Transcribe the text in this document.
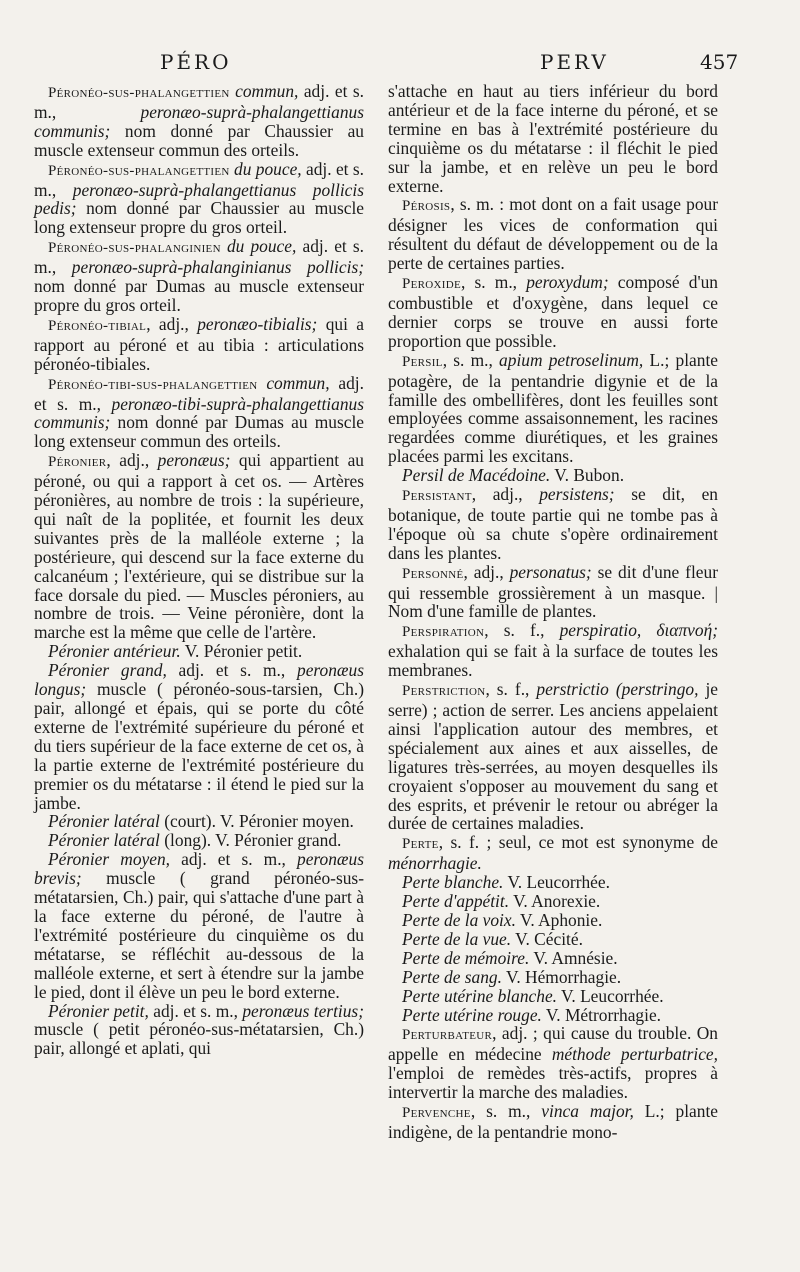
PÉRO	PERV	457

Péronéo-sus-phalangettien commun, adj. et s. m., peronæo-suprà-phalangettianus communis; nom donné par Chaussier au muscle extenseur commun des orteils.

Péronéo-sus-phalangettien du pouce, adj. et s. m., peronæo-suprà-phalangettianus pollicis pedis; nom donné par Chaussier au muscle long extenseur propre du gros orteil.

Péronéo-sus-phalanginien du pouce, adj. et s. m., peronæo-suprà-phalanginianus pollicis; nom donné par Dumas au muscle extenseur propre du gros orteil.

Péronéo-tibial, adj., peronæo-tibialis; qui a rapport au péroné et au tibia : articulations péronéo-tibiales.

Péronéo-tibi-sus-phalangettien commun, adj. et s. m., peronæo-tibi-suprà-phalangettianus communis; nom donné par Dumas au muscle long extenseur commun des orteils.

Péronier, adj., peronæus; qui appartient au péroné, ou qui a rapport à cet os. — Artères péronières, au nombre de trois : la supérieure, qui naît de la poplitée, et fournit les deux suivantes près de la malléole externe ; la postérieure, qui descend sur la face externe du calcanéum ; l'extérieure, qui se distribue sur la face dorsale du pied. — Muscles péroniers, au nombre de trois. — Veine péronière, dont la marche est la même que celle de l'artère.

Péronier antérieur. V. Péronier petit.

Péronier grand, adj. et s. m., peronæus longus; muscle ( péronéo-sous-tarsien, Ch.) pair, allongé et épais, qui se porte du côté externe de l'extrémité supérieure du péroné et du tiers supérieur de la face externe de cet os, à la partie externe de l'extrémité postérieure du premier os du métatarse : il étend le pied sur la jambe.

Péronier latéral (court). V. Péronier moyen.

Péronier latéral (long). V. Péronier grand.

Péronier moyen, adj. et s. m., peronæus brevis; muscle ( grand péronéo-sus-métatarsien, Ch.) pair, qui s'attache d'une part à la face externe du péroné, de l'autre à l'extrémité postérieure du cinquième os du métatarse, se réfléchit au-dessous de la malléole externe, et sert à étendre sur la jambe le pied, dont il élève un peu le bord externe.

Péronier petit, adj. et s. m., peronæus tertius; muscle ( petit péronéo-sus-métatarsien, Ch.) pair, allongé et aplati, qui

s'attache en haut au tiers inférieur du bord antérieur et de la face interne du péroné, et se termine en bas à l'extrémité postérieure du cinquième os du métatarse : il fléchit le pied sur la jambe, et en relève un peu le bord externe.

Pérosis, s. m. : mot dont on a fait usage pour désigner les vices de conformation qui résultent du défaut de développement ou de la perte de certaines parties.

Peroxide, s. m., peroxydum; composé d'un combustible et d'oxygène, dans lequel ce dernier corps se trouve en aussi forte proportion que possible.

Persil, s. m., apium petroselinum, L.; plante potagère, de la pentandrie digynie et de la famille des ombellifères, dont les feuilles sont employées comme assaisonnement, les racines regardées comme diurétiques, et les graines placées parmi les excitans.

Persil de Macédoine. V. Bubon.

Persistant, adj., persistens; se dit, en botanique, de toute partie qui ne tombe pas à l'époque où sa chute s'opère ordinairement dans les plantes.

Personné, adj., personatus; se dit d'une fleur qui ressemble grossièrement à un masque. | Nom d'une famille de plantes.

Perspiration, s. f., perspiratio, διαπνοή; exhalation qui se fait à la surface de toutes les membranes.

Perstriction, s. f., perstrictio (perstringo, je serre) ; action de serrer. Les anciens appelaient ainsi l'application autour des membres, et spécialement aux aines et aux aisselles, de ligatures très-serrées, au moyen desquelles ils croyaient s'opposer au mouvement du sang et des esprits, et prévenir le retour ou abréger la durée de certaines maladies.

Perte, s. f. ; seul, ce mot est synonyme de ménorrhagie.

Perte blanche. V. Leucorrhée.

Perte d'appétit. V. Anorexie.

Perte de la voix. V. Aphonie.

Perte de la vue. V. Cécité.

Perte de mémoire. V. Amnésie.

Perte de sang. V. Hémorrhagie.

Perte utérine blanche. V. Leucorrhée.

Perte utérine rouge. V. Métrorrhagie.

Perturbateur, adj. ; qui cause du trouble. On appelle en médecine méthode perturbatrice, l'emploi de remèdes très-actifs, propres à intervertir la marche des maladies.

Pervenche, s. m., vinca major, L.; plante indigène, de la pentandrie mono-
